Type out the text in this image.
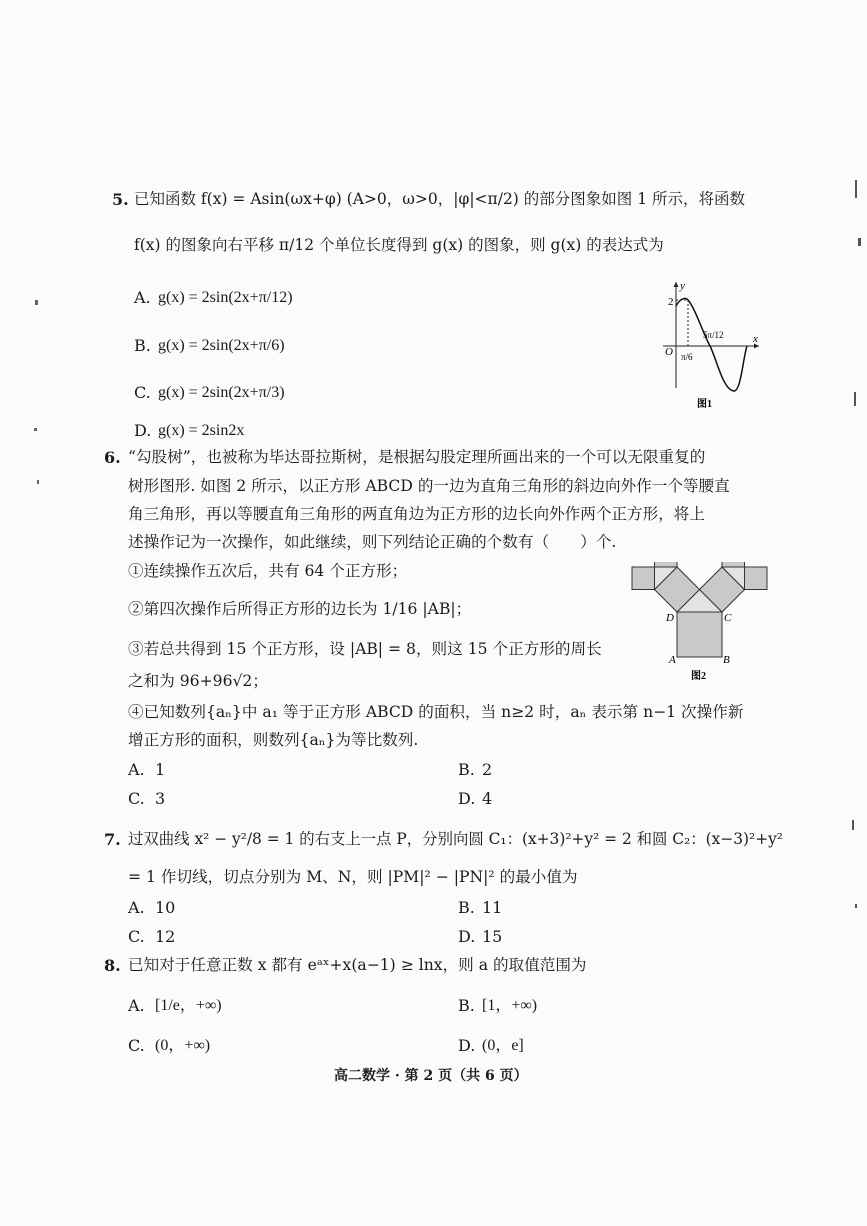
5. 已知函数 f(x) = Asin(ωx+φ) (A>0，ω>0，|φ|<π/2) 的部分图象如图 1 所示，将函数
f(x) 的图象向右平移 π/12 个单位长度得到 g(x) 的图象，则 g(x) 的表达式为
A. g(x) = 2sin(2x+π/12)
B. g(x) = 2sin(2x+π/6)
C. g(x) = 2sin(2x+π/3)
D. g(x) = 2sin2x
2
y
x
O π/6
5π/12
图1
6. “勾股树”，也被称为毕达哥拉斯树，是根据勾股定理所画出来的一个可以无限重复的
树形图形. 如图 2 所示，以正方形 ABCD 的一边为直角三角形的斜边向外作一个等腰直
角三角形，再以等腰直角三角形的两直角边为正方形的边长向外作两个正方形，将上
述操作记为一次操作，如此继续，则下列结论正确的个数有（　　）个.
①连续操作五次后，共有 64 个正方形；
②第四次操作后所得正方形的边长为 1/16 |AB|；
③若总共得到 15 个正方形，设 |AB| = 8，则这 15 个正方形的周长
之和为 96+96√2；
④已知数列{aₙ}中 a₁ 等于正方形 ABCD 的面积，当 n≥2 时，aₙ 表示第 n−1 次操作新
增正方形的面积，则数列{aₙ}为等比数列.
A. 1	B. 2
C. 3	D. 4
D	C
A	B
图2
7. 过双曲线 x² − y²/8 = 1 的右支上一点 P，分别向圆 C₁：(x+3)²+y² = 2 和圆 C₂：(x−3)²+y²
= 1 作切线，切点分别为 M、N，则 |PM|² − |PN|² 的最小值为
A. 10	B. 11
C. 12	D. 15
8. 已知对于任意正数 x 都有 eᵃˣ+x(a−1) ≥ lnx，则 a 的取值范围为
A. [1/e，+∞)	B. [1，+∞)
C. (0，+∞)	D. (0，e]
高二数学 · 第 2 页（共 6 页）
